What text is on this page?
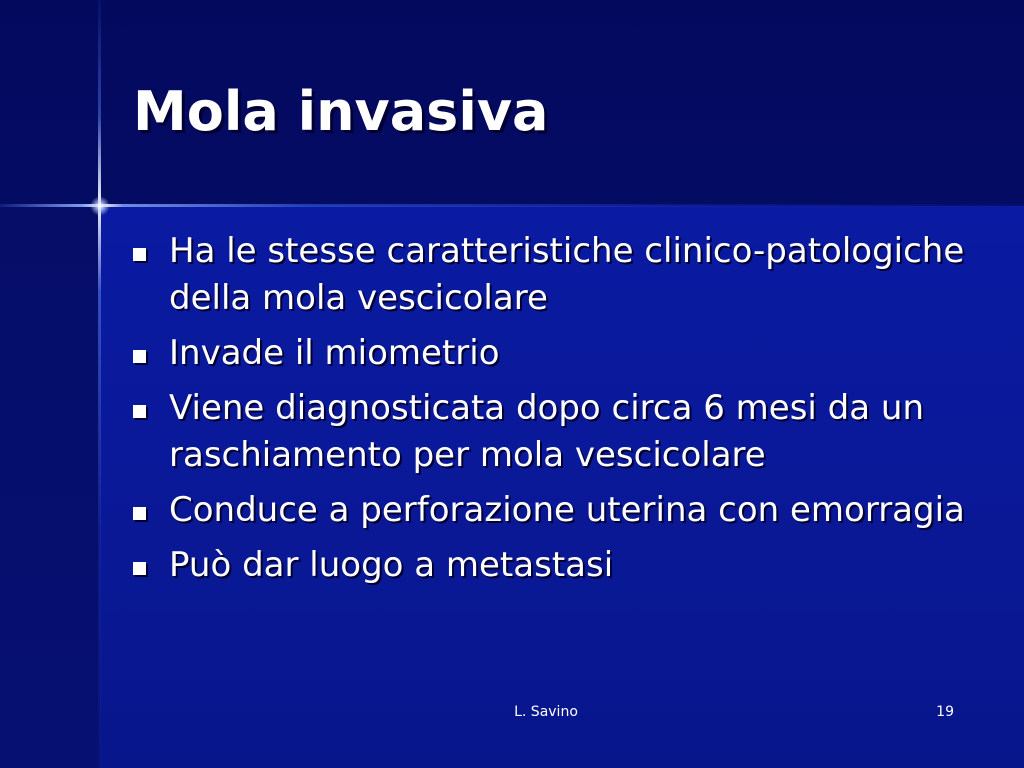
Mola invasiva
Ha le stesse caratteristiche clinico-patologiche della mola vescicolare
Invade il miometrio
Viene diagnosticata dopo circa 6 mesi da un raschiamento per mola vescicolare
Conduce a perforazione uterina con emorragia
Può dar luogo a metastasi
L. Savino	19
